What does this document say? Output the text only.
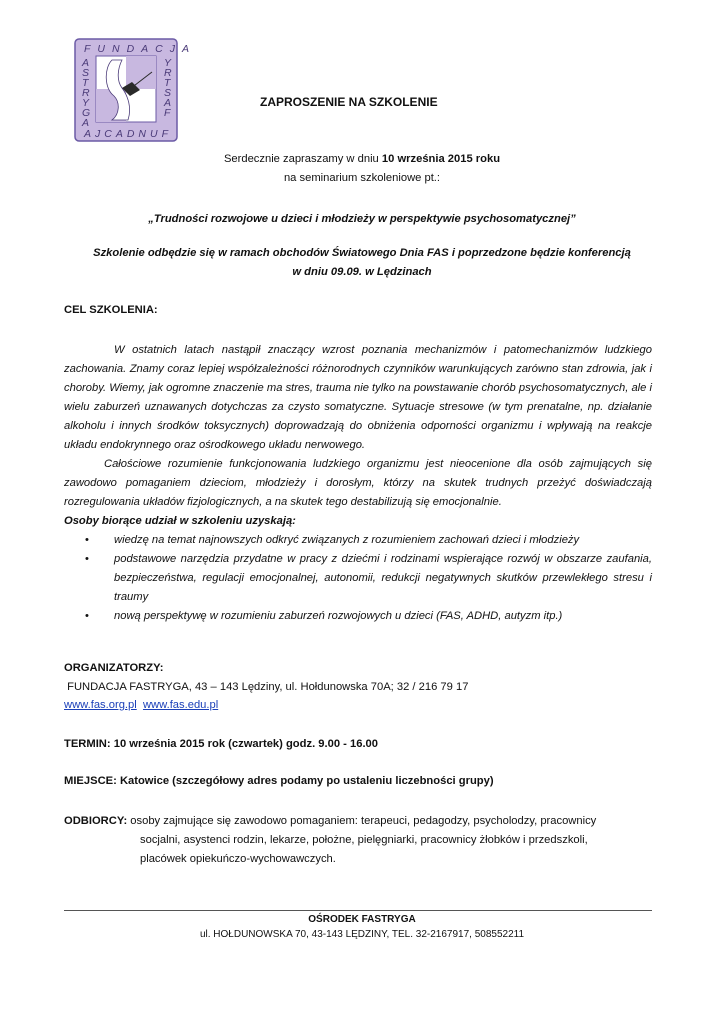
FUNDACJA
A S T R Y G A
Y R T S A F
AJCADNUF
ZAPROSZENIE NA SZKOLENIE
Serdecznie zapraszamy w dniu 10 września 2015 roku
na seminarium szkoleniowe pt.:
„Trudności rozwojowe u dzieci i młodzieży w perspektywie psychosomatycznej”
Szkolenie odbędzie się w ramach obchodów Światowego Dnia FAS i poprzedzone będzie konferencją
w dniu 09.09. w Lędzinach
CEL SZKOLENIA:

W ostatnich latach nastąpił znaczący wzrost poznania mechanizmów i patomechanizmów ludzkiego zachowania. Znamy coraz lepiej współzależności różnorodnych czynników warunkujących zarówno stan zdrowia, jak i choroby. Wiemy, jak ogromne znaczenie ma stres, trauma nie tylko na powstawanie chorób psychosomatycznych, ale i wielu zaburzeń uznawanych dotychczas za czysto somatyczne. Sytuacje stresowe (w tym prenatalne, np. działanie alkoholu i innych środków toksycznych) doprowadzają do obniżenia odporności organizmu i wpływają na reakcje układu endokrynnego oraz ośrodkowego układu nerwowego.

Całościowe rozumienie funkcjonowania ludzkiego organizmu jest nieocenione dla osób zajmujących się zawodowo pomaganiem dzieciom, młodzieży i dorosłym, którzy na skutek trudnych przeżyć doświadczają rozregulowania układów fizjologicznych, a na skutek tego destabilizują się emocjonalnie.

Osoby biorące udział w szkoleniu uzyskają:

• wiedzę na temat najnowszych odkryć związanych z rozumieniem zachowań dzieci i młodzieży
• podstawowe narzędzia przydatne w pracy z dziećmi i rodzinami wspierające rozwój w obszarze zaufania, bezpieczeństwa, regulacji emocjonalnej, autonomii, redukcji negatywnych skutków przewlekłego stresu i traumy
• nową perspektywę w rozumieniu zaburzeń rozwojowych u dzieci (FAS, ADHD, autyzm itp.)
ORGANIZATORZY:
FUNDACJA FASTRYGA, 43 – 143 Lędziny, ul. Hołdunowska 70A; 32 / 216 79 17
www.fas.org.pl www.fas.edu.pl
TERMIN: 10 września 2015 rok (czwartek) godz. 9.00 - 16.00
MIEJSCE: Katowice (szczegółowy adres podamy po ustaleniu liczebności grupy)
ODBIORCY: osoby zajmujące się zawodowo pomaganiem: terapeuci, pedagodzy, psycholodzy, pracownicy
socjalni, asystenci rodzin, lekarze, położne, pielęgniarki, pracownicy żłobków i przedszkoli,
placówek opiekuńczo-wychowawczych.
OŚRODEK FASTRYGA
ul. HOŁDUNOWSKA 70, 43-143 LĘDZINY, TEL. 32-2167917, 508552211
